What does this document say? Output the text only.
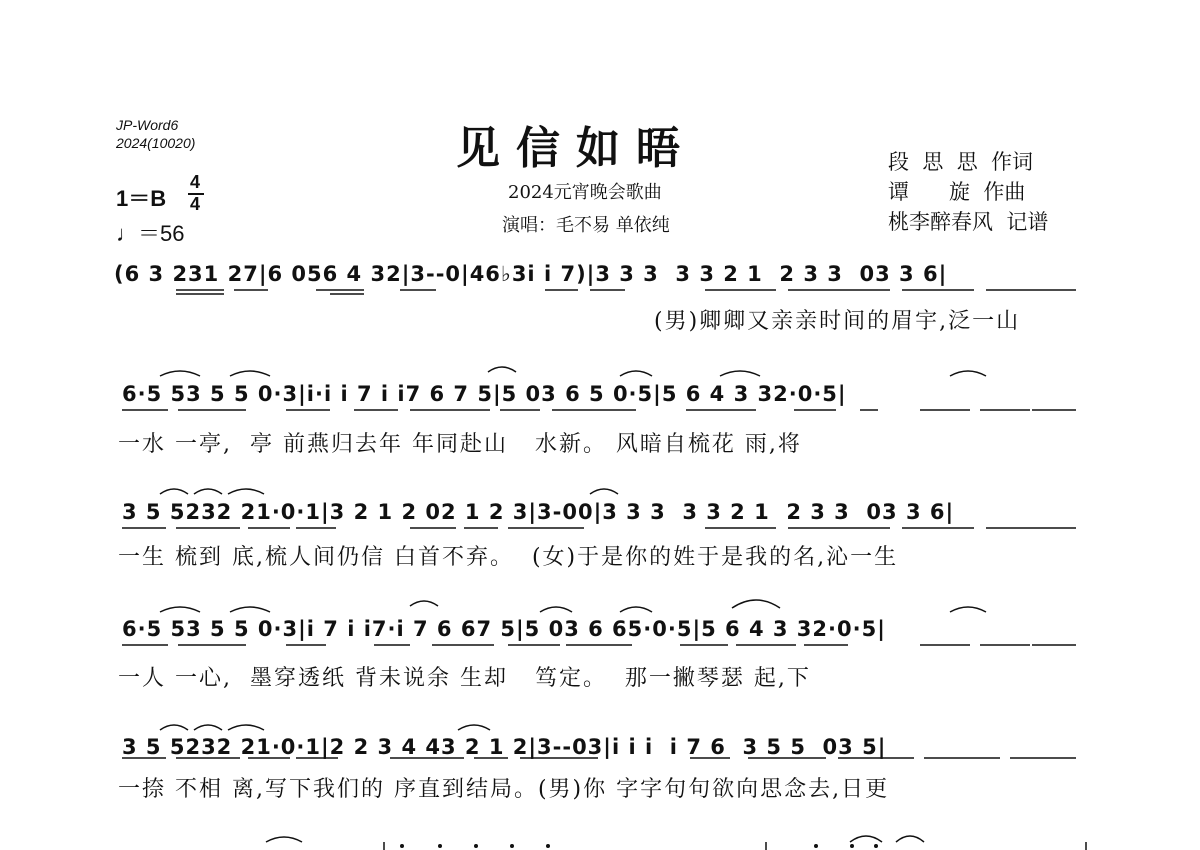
JP-Word6
2024(10020)	见信如晤
2024元宵晚会歌曲
演唱：毛不易 单依纯
段  思  思  作词
谭      旋  作曲
桃李醉春风  记谱
1＝B
4
4
♩＝56
(6 3 231 27|6 056 4 32|3--0|46♭3i i 7)|3 3 3  3 3 2 1  2 3 3  03 3 6|
(男)卿卿又亲亲时间的眉宇,泛一山
6·5 53 5 5 0·3|i·i i 7 i i7 6 7 5|5 03 6 5 0·5|5 6 4 3 32·0·5|
一水 一亭,  亭 前燕归去年 年同赴山   水新。 风暗自梳花 雨,将
3 5 5232 21·0·1|3 2 1 2 02 1 2 3|3-00|3 3 3  3 3 2 1  2 3 3  03 3 6|
一生 梳到 底,梳人间仍信 白首不弃。  (女)于是你的姓于是我的名,沁一生
6·5 53 5 5 0·3|i 7 i i7·i 7 6 67 5|5 03 6 65·0·5|5 6 4 3 32·0·5|
一人 一心,  墨穿透纸 背未说余 生却   笃定。  那一撇琴瑟 起,下
3 5 5232 21·0·1|2 2 3 4 43 2 1 2|3--03|i i i  i 7 6  3 5 5  03 5|
一捺 不相 离,写下我们的 序直到结局。(男)你 字字句句欲向思念去,日更
